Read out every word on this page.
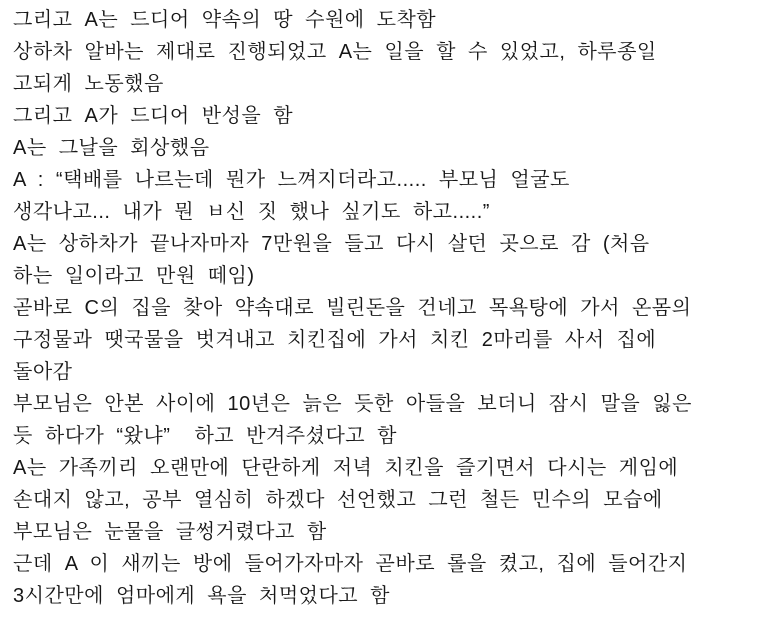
그리고 A는 드디어 약속의 땅 수원에 도착함
상하차 알바는 제대로 진행되었고 A는 일을 할 수 있었고, 하루종일
고되게 노동했음
그리고 A가 드디어 반성을 함
A는 그날을 회상했음
A : “택배를 나르는데 뭔가 느껴지더라고..... 부모님 얼굴도
생각나고... 내가 뭔 ㅂ신 짓 했나 싶기도 하고.....”
A는 상하차가 끝나자마자 7만원을 들고 다시 살던 곳으로 감 (처음
하는 일이라고 만원 떼임)
곧바로 C의 집을 찾아 약속대로 빌린돈을 건네고 목욕탕에 가서 온몸의
구정물과 땟국물을 벗겨내고 치킨집에 가서 치킨 2마리를 사서 집에
돌아감
부모님은 안본 사이에 10년은 늙은 듯한 아들을 보더니 잠시 말을 잃은
듯 하다가 “왔냐”  하고 반겨주셨다고 함
A는 가족끼리 오랜만에 단란하게 저녁 치킨을 즐기면서 다시는 게임에
손대지 않고, 공부 열심히 하겠다 선언했고 그런 철든 민수의 모습에
부모님은 눈물을 글썽거렸다고 함
근데 A 이 새끼는 방에 들어가자마자 곧바로 롤을 켰고, 집에 들어간지
3시간만에 엄마에게 욕을 처먹었다고 함
